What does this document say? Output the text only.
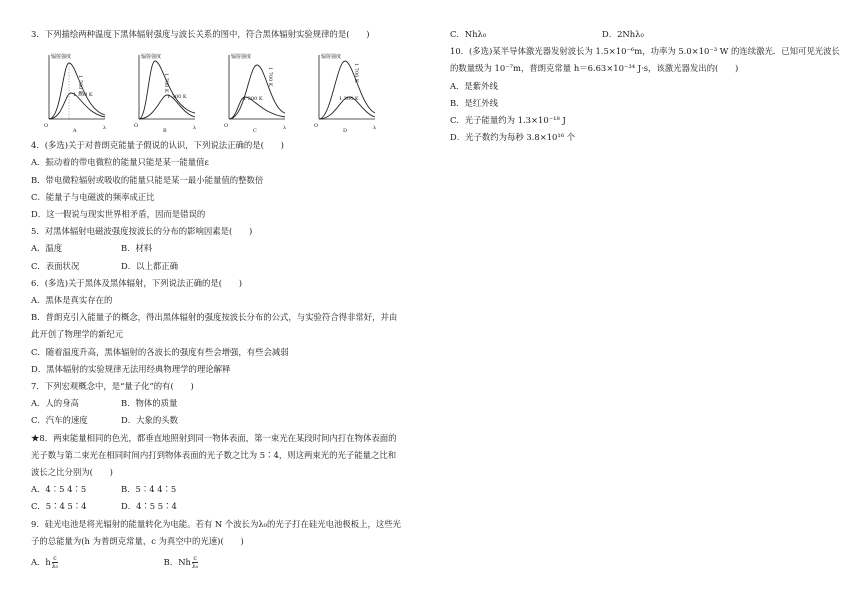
3．下列描绘两种温度下黑体辐射强度与波长关系的图中，符合黑体辐射实验规律的是(　　)
辐射强度
1 700 K
1 300 K
O	λ
A
辐射强度
1 700 K
1 300 K
O	λ
B
辐射强度
1 700 K
1 300 K
O	λ
C
辐射强度
1 700 K
1 300 K
O	λ
D
4．(多选)关于对普朗克能量子假说的认识，下列说法正确的是(　　)
A．振动着的带电微粒的能量只能是某一能量值ε
B．带电微粒辐射或吸收的能量只能是某一最小能量值的整数倍
C．能量子与电磁波的频率成正比
D．这一假说与现实世界相矛盾，因而是错误的
5．对黑体辐射电磁波强度按波长的分布的影响因素是(　　)
A．温度	B．材料
C．表面状况	D．以上都正确
6．(多选)关于黑体及黑体辐射，下列说法正确的是(　　)
A．黑体是真实存在的
B．普朗克引入能量子的概念，得出黑体辐射的强度按波长分布的公式，与实验符合得非常好，并由
此开创了物理学的新纪元
C．随着温度升高，黑体辐射的各波长的强度有些会增强，有些会减弱
D．黑体辐射的实验规律无法用经典物理学的理论解释
7．下列宏观概念中，是“量子化”的有(　　)
A．人的身高	B．物体的质量
C．汽车的速度	D．大象的头数
★8．两束能量相同的色光，都垂直地照射到同一物体表面，第一束光在某段时间内打在物体表面的
光子数与第二束光在相同时间内打到物体表面的光子数之比为 5∶4，则这两束光的光子能量之比和
波长之比分别为(　　)
A．4∶5 4∶5	B．5∶4 4∶5
C．5∶4 5∶4	D．4∶5 5∶4
9．硅光电池是将光辐射的能量转化为电能。若有 N 个波长为λ₀的光子打在硅光电池极板上，这些光
子的总能量为(h 为普朗克常量，c 为真空中的光速)(　　)
A．h $\frac{c}{\text{λ₀}}$	B．Nh $\frac{c}{\text{λ₀}}$
C．Nhλ₀	D．2Nhλ₀
10．(多选)某半导体激光器发射波长为 1.5×10⁻⁶m，功率为 5.0×10⁻³ W 的连续激光．已知可见光波长
的数量级为 10⁻⁷m，普朗克常量 h＝6.63×10⁻³⁴ J·s，该激光器发出的(　　)
A．是紫外线
B．是红外线
C．光子能量约为 1.3×10⁻¹⁸ J
D．光子数约为每秒 3.8×10¹⁶ 个
